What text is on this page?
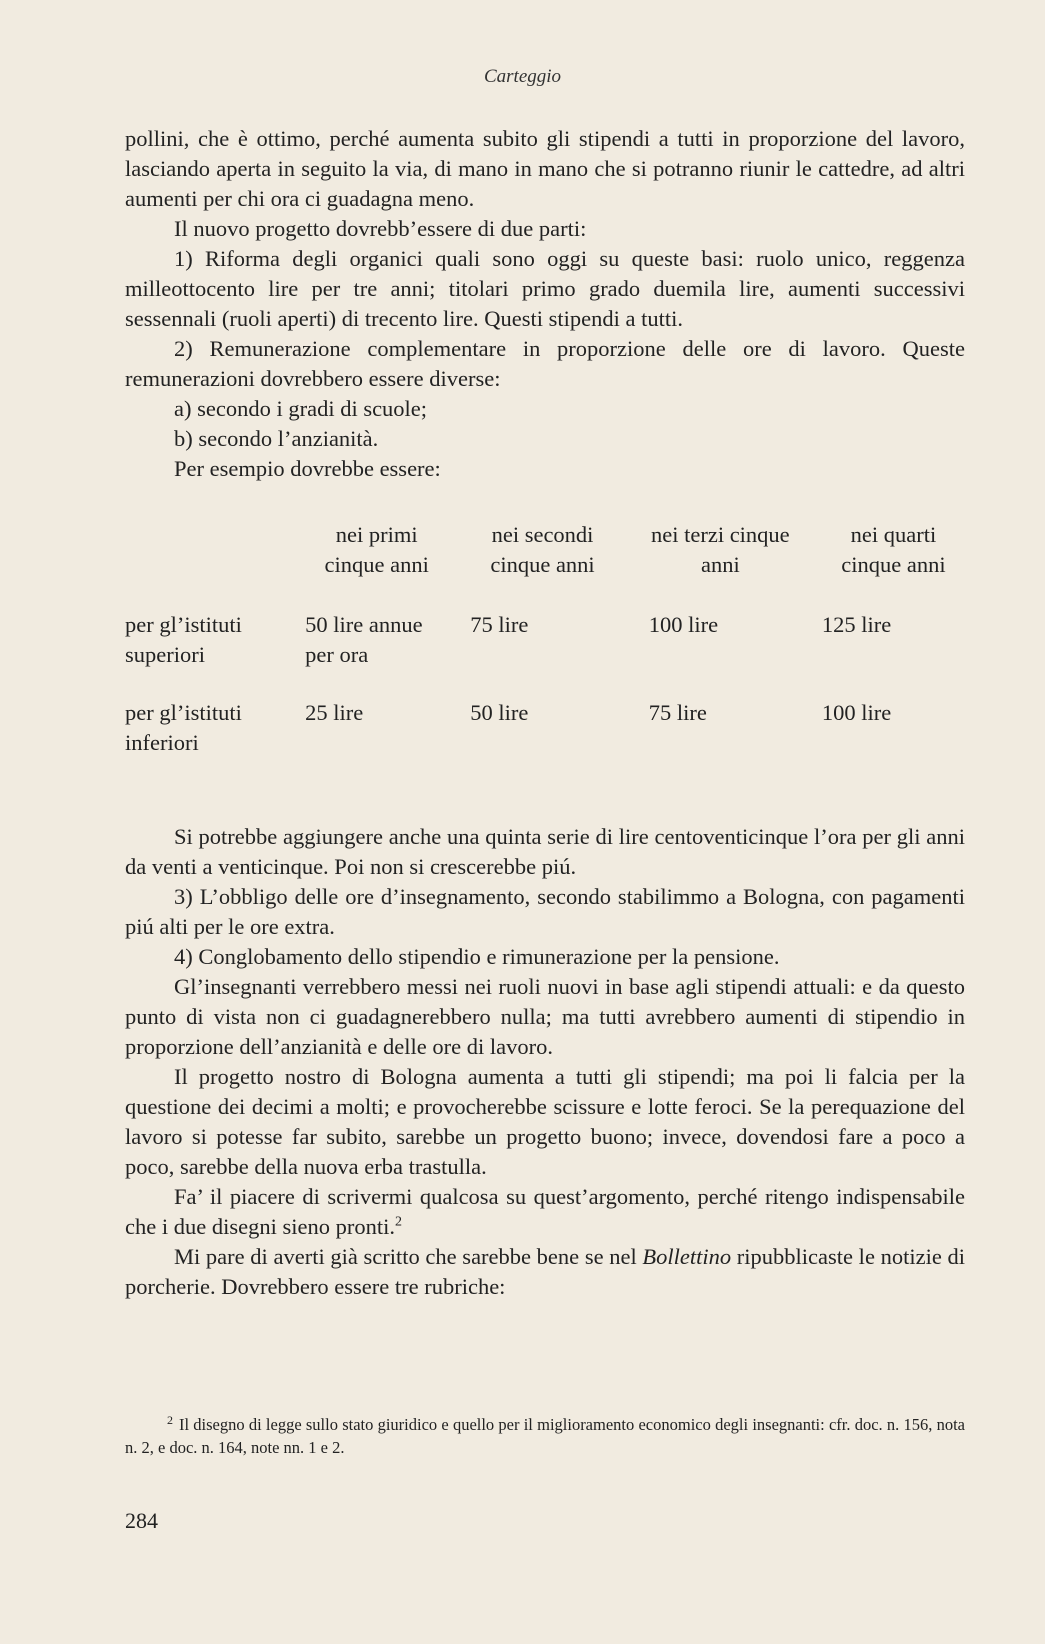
Carteggio

pollini, che è ottimo, perché aumenta subito gli stipendi a tutti in proporzione del lavoro, lasciando aperta in seguito la via, di mano in mano che si potranno riunir le cattedre, ad altri aumenti per chi ora ci guadagna meno.

Il nuovo progetto dovrebb’essere di due parti:

1) Riforma degli organici quali sono oggi su queste basi: ruolo unico, reggenza milleottocento lire per tre anni; titolari primo grado duemila lire, aumenti successivi sessennali (ruoli aperti) di trecento lire. Questi stipendi a tutti.

2) Remunerazione complementare in proporzione delle ore di lavoro. Queste remunerazioni dovrebbero essere diverse:

a) secondo i gradi di scuole;

b) secondo l’anzianità.

Per esempio dovrebbe essere:

	nei primi cinque anni	nei secondi cinque anni	nei terzi cinque anni	nei quarti cinque anni
per gl’istituti superiori	50 lire annue per ora	75 lire	100 lire	125 lire
per gl’istituti inferiori	25 lire	50 lire	75 lire	100 lire

Si potrebbe aggiungere anche una quinta serie di lire centoventicinque l’ora per gli anni da venti a venticinque. Poi non si crescerebbe piú.

3) L’obbligo delle ore d’insegnamento, secondo stabilimmo a Bologna, con pagamenti piú alti per le ore extra.

4) Conglobamento dello stipendio e rimunerazione per la pensione.

Gl’insegnanti verrebbero messi nei ruoli nuovi in base agli stipendi attuali: e da questo punto di vista non ci guadagnerebbero nulla; ma tutti avrebbero aumenti di stipendio in proporzione dell’anzianità e delle ore di lavoro.

Il progetto nostro di Bologna aumenta a tutti gli stipendi; ma poi li falcia per la questione dei decimi a molti; e provocherebbe scissure e lotte feroci. Se la perequazione del lavoro si potesse far subito, sarebbe un progetto buono; invece, dovendosi fare a poco a poco, sarebbe della nuova erba trastulla.

Fa’ il piacere di scrivermi qualcosa su quest’argomento, perché ritengo indispensabile che i due disegni sieno pronti.$^2$

Mi pare di averti già scritto che sarebbe bene se nel Bollettino ripubblicaste le notizie di porcherie. Dovrebbero essere tre rubriche:

$^2$ Il disegno di legge sullo stato giuridico e quello per il miglioramento economico degli insegnanti: cfr. doc. n. 156, nota n. 2, e doc. n. 164, note nn. 1 e 2.

284
